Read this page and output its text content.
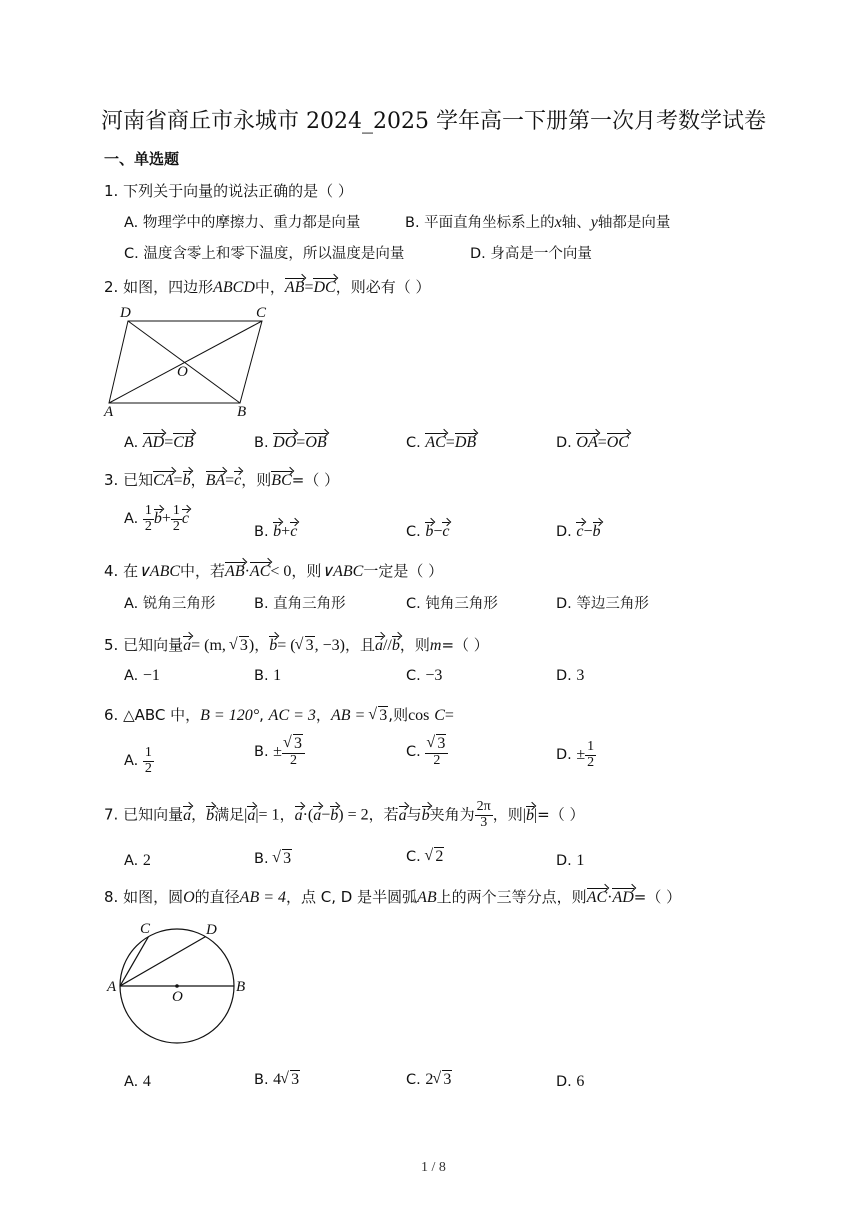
河南省商丘市永城市 2024_2025 学年高一下册第一次月考数学试卷
一、单选题
1. 下列关于向量的说法正确的是（ ）
A. 物理学中的摩擦力、重力都是向量	B. 平面直角坐标系上的x轴、y轴都是向量
C. 温度含零上和零下温度，所以温度是向量	D. 身高是一个向量
2. 如图，四边形ABCD中，AB=DC，则必有（ ）
D	C
A	B
O
A. AD=CB	B. DO=OB	C. AC=DB	D. OA=OC
3. 已知CA=b，BA=c，则BC=（ ）
A. $\frac{1}{2} b+ \frac{1}{2}$ c
B. b+c	C. b−c	D. c−b
4. 在∨ABC中，若AB·AC< 0，则∨ABC一定是（ ）
A. 锐角三角形	B. 直角三角形	C. 钝角三角形	D. 等边三角形
5. 已知向量a= (m, √ 3)，b= ( √ 3, −3)，且a//b，则m=（ ）
A. −1	B. 1	C. −3	D. 3
6. △ABC 中，B = 120°, AC = 3，AB = √ 3,则cos C=
A. $\frac{1}{2}$	B. ± √ $\frac{3}{2}$	C. √ $\frac{3}{2}$	D. ± $\frac{1}{2}$
7. 已知向量a，b满足|a|= 1，a·(a−b) = 2，若a与b夹角为 $\frac{2\pi}{3}$ ，则|b|=（ ）
A. 2	B. √ 3	C. √ 2	D. 1
8. 如图，圆O的直径AB = 4，点 C, D 是半圆弧AB上的两个三等分点，则AC·AD=（ ）
C	D
A	B
O
A. 4	B. 4 √ 3	C. 2 √ 3	D. 6
1 / 8
